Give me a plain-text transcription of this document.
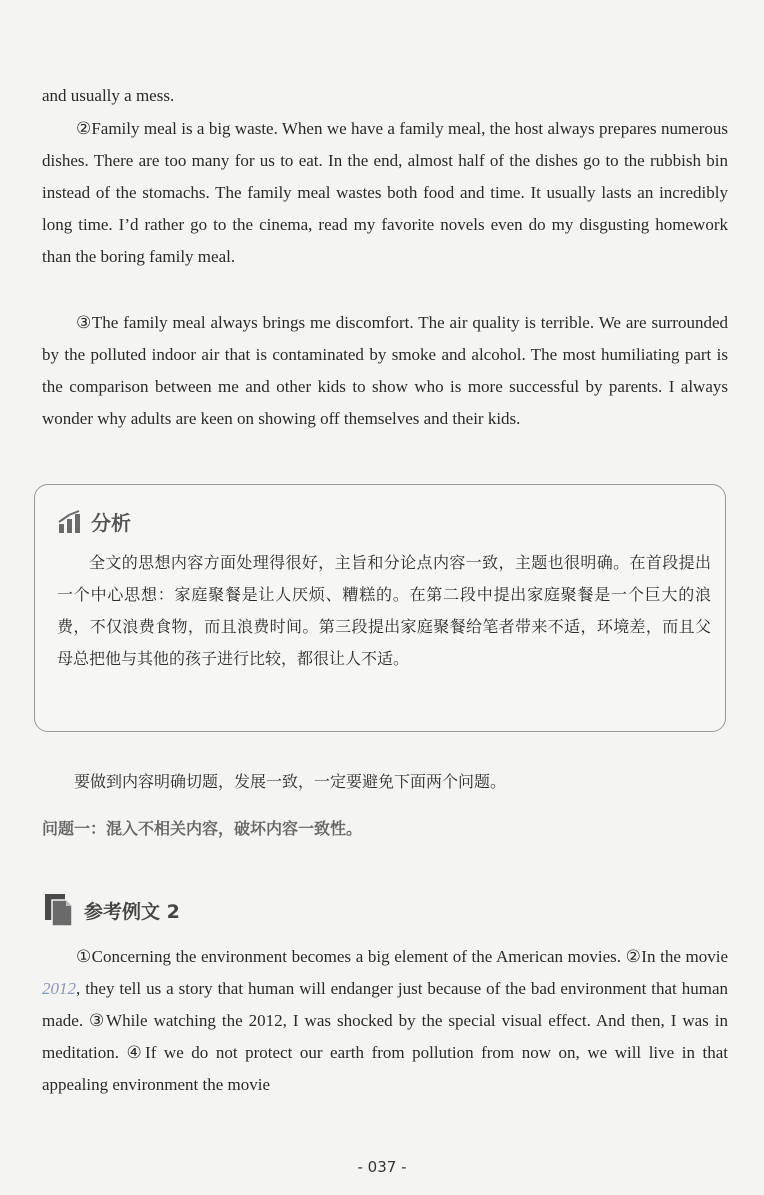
and usually a mess.

②Family meal is a big waste. When we have a family meal, the host always prepares numerous dishes. There are too many for us to eat. In the end, almost half of the dishes go to the rubbish bin instead of the stomachs. The family meal wastes both food and time. It usually lasts an incredibly long time. I’d rather go to the cinema, read my favorite novels even do my disgusting homework than the boring family meal.

③The family meal always brings me discomfort. The air quality is terrible. We are surrounded by the polluted indoor air that is contaminated by smoke and alcohol. The most humiliating part is the comparison between me and other kids to show who is more successful by parents. I always wonder why adults are keen on showing off themselves and their kids.

分析

全文的思想内容方面处理得很好，主旨和分论点内容一致，主题也很明确。在首段提出一个中心思想：家庭聚餐是让人厌烦、糟糕的。在第二段中提出家庭聚餐是一个巨大的浪费，不仅浪费食物，而且浪费时间。第三段提出家庭聚餐给笔者带来不适，环境差，而且父母总把他与其他的孩子进行比较，都很让人不适。

要做到内容明确切题，发展一致，一定要避免下面两个问题。

问题一：混入不相关内容，破坏内容一致性。

参考例文 2

①Concerning the environment becomes a big element of the American movies. ②In the movie 2012, they tell us a story that human will endanger just because of the bad environment that human made. ③While watching the 2012, I was shocked by the special visual effect. And then, I was in meditation. ④If we do not protect our earth from pollution from now on, we will live in that appealing environment the movie

- 037 -
